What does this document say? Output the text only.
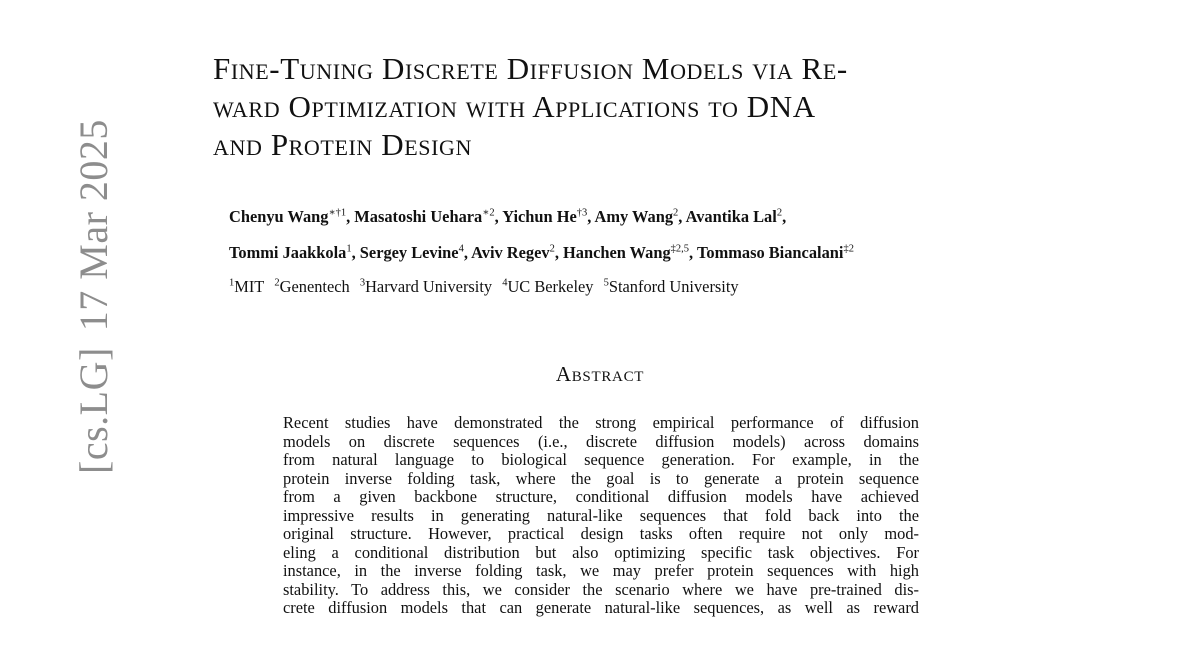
[cs.LG]17 Mar 2025
Fine-Tuning Discrete Diffusion Models via Re-
ward Optimization with Applications to DNA
and Protein Design
Chenyu Wang$^{∗\dagger 1}$, Masatoshi Uehara$^{∗2}$, Yichun He$^{\dagger 3}$, Amy Wang$^2$, Avantika Lal$^2$,
Tommi Jaakkola$^1$, Sergey Levine$^4$, Aviv Regev$^2$, Hanchen Wang$^{\ddagger 2,5}$, Tommaso Biancalani$^{\ddagger 2}$
$^1$MIT $^2$Genentech $^3$Harvard University $^4$UC Berkeley $^5$Stanford University
Abstract
Recent studies have demonstrated the strong empirical performance of diffusion
models on discrete sequences (i.e., discrete diffusion models) across domains
from natural language to biological sequence generation. For example, in the
protein inverse folding task, where the goal is to generate a protein sequence
from a given backbone structure, conditional diffusion models have achieved
impressive results in generating natural-like sequences that fold back into the
original structure. However, practical design tasks often require not only mod-
eling a conditional distribution but also optimizing specific task objectives. For
instance, in the inverse folding task, we may prefer protein sequences with high
stability. To address this, we consider the scenario where we have pre-trained dis-
crete diffusion models that can generate natural-like sequences, as well as reward
